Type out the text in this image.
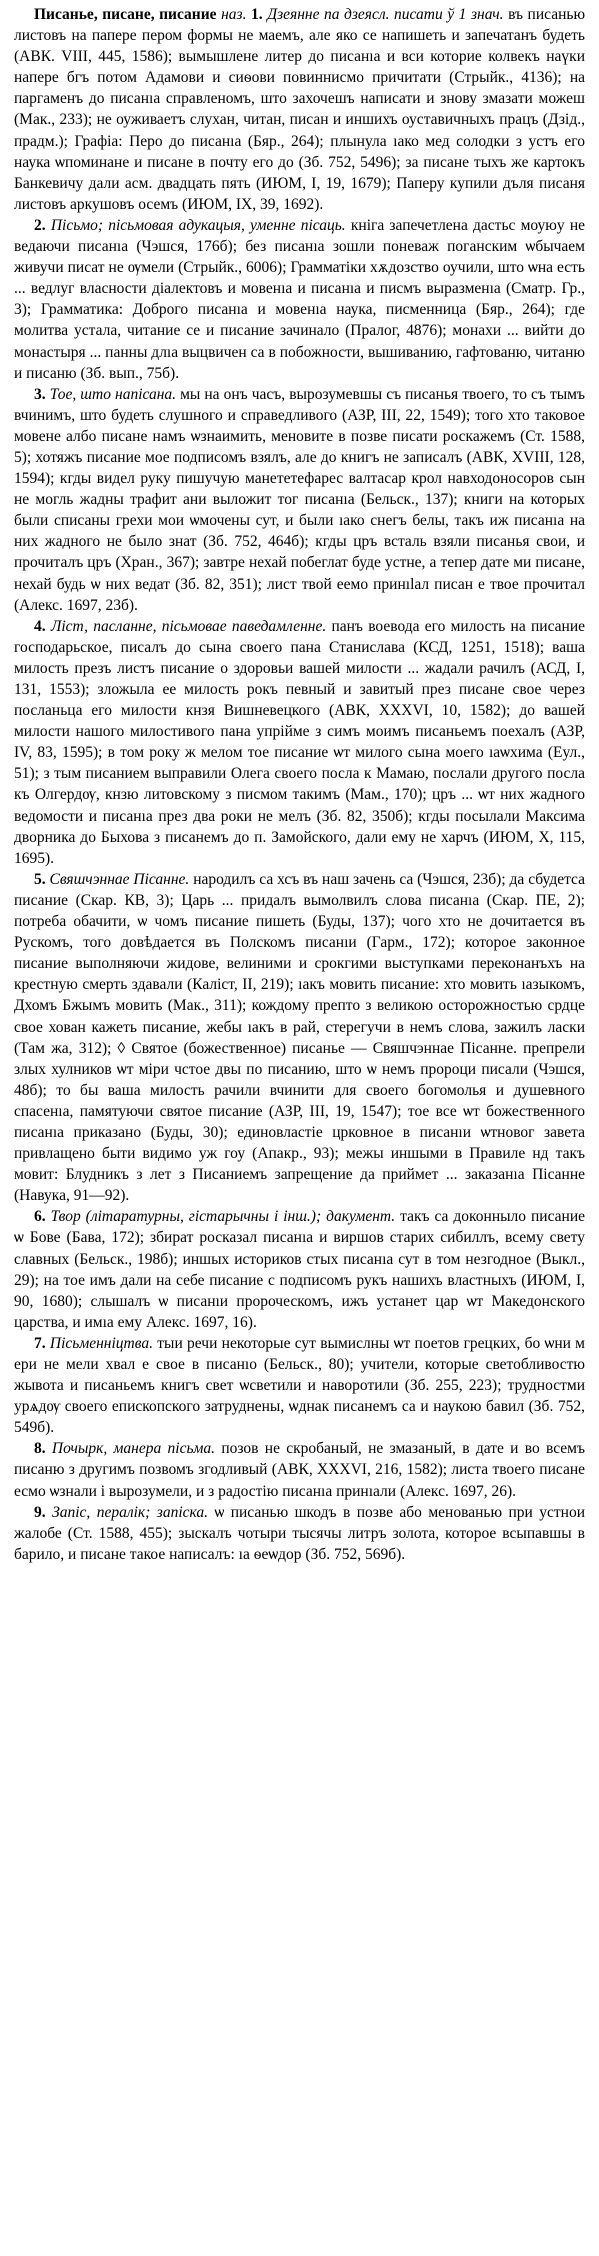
Писанье, писане, писание наз. 1. Дзеянне па дзеясл. писати ў 1 знач. въ писанью листовъ на папере пером формы не маемъ, але яко се напишеть и запечатанъ будеть (АВК. VIII, 445, 1586); вымышлене литер до писанıа и вси которие колвекъ наүки напере бгъ потом Адамови и сиѳови повиннисмо причитати (Стрыйк., 4136); на паргаменъ до писанıа справленомъ, што захочешъ написати и знову змазати можеш (Мак., 233); не оуживаетъ слухан, читан, писан и иншихъ оуставичныхъ працъ (Дзiд., прадм.); Графiа: Перо до писанıа (Бяр., 264); плынула ıако мед солодки з устъ его наука ѡпоминане и писане в почту его до (Зб. 752, 5496); за писане тыхъ же картокъ Банкевичу дали асм. двадцать пять (ИЮМ, I, 19, 1679); Паперу купили дъля писаня листовъ аркушовъ осемъ (ИЮМ, IX, 39, 1692).

2. Пiсьмо; пiсьмовая адукацыя, уменне пiсаць. кнiга запечетлена дастьс моуюу не ведаючи писанıа (Чэшся, 176б); без писанıа зошли поневаж поганским ѡбычаем живучи писат не ѹмели (Стрыйк., 6006); Грамматiки хѫдозство оучили, што ѡна есть ... ведлуг власности дiалектовъ и мовенıа и писанıа и писмъ выразменıа (Сматр. Гр., 3); Грамматика: Доброго писанıа и мовенıа наука, писменница (Бяр., 264); где молитва устала, читание се и писание зачинало (Пралог, 4876); монахи ... вийти до монастыря ... панны длıа выцвичен са в побожности, вышиванию, гафтованю, читаню и писаню (Зб. вып., 75б).

3. Тое, што напiсана. мы на онъ часъ, вырозумевшы съ писанья твоего, то съ тымъ вчинимъ, што будеть слушного и справедливого (АЗР, III, 22, 1549); того хто таковое мовене албо писане намъ ѡзнаимить, меновите в позве писати роскажемъ (Ст. 1588, 5); хотяжъ писание мое подписомъ взялъ, але до книгъ не записалъ (АВК, XVIII, 128, 1594); кгды видел руку пишучую манететефарес валтасар крол навходоносоров сын не могль жадны трафит ани выложит тог писанıа (Бельск., 137); книги на которых были списаны грехи мои ѡмочены сут, и были ıако снегъ белы, такъ иж писанıа на них жадного не было знат (Зб. 752, 464б); кгды цръ всталь взяли писанья свои, и прочиталъ цръ (Хран., 367); завтре нехай побеглат буде устне, а тепер дате ми писане, нехай будь ѡ них ведат (Зб. 82, 351); лист твой еемо принılал писан е твое прочитал (Алекс. 1697, 23б).

4. Лiст, пасланне, пiсьмовае паведамленне. панъ воевода его милость на писание господарьское, писалъ до сына своего пана Станислава (КСД, 1251, 1518); ваша милость презъ листъ писание о здоровьи вашей милости ... жадали рачилъ (АСД, I, 131, 1553); зложыла ее милость рокъ певный и завитый през писане свое через посланьца его милости кнзя Вишневецкого (АВК, XXXVI, 10, 1582); до вашей милости нашого милостивого пана упрiйме з симъ моимъ писаньемъ поехалъ (АЗР, IV, 83, 1595); в том року ж мелом тое писание ѡт милого сына моего ıаѡхима (Еул., 51); з тым писанием выправили Олега своего посла к Мамаю, послали другого посла къ Олгердѹ, кнзю литовскому з писмом такимъ (Мам., 170); цръ ... ѡт них жадного ведомости и писанıа през два роки не мелъ (Зб. 82, 350б); кгды посылали Максима дворника до Быхова з писанемъ до п. Замойского, дали ему не харчъ (ИЮМ, X, 115, 1695).

5. Свяшчэннае Пiсанне. народилъ са хсъ въ наш зачень са (Чэшся, 23б); да сбудетса писание (Скар. КВ, 3); Царь ... придалъ вымолвилъ слова писанıа (Скар. ПЕ, 2); потреба обачити, ѡ чомъ писание пишеть (Буды, 137); чого хто не дочитается въ Рускомъ, того довѣдается въ Полскомъ писанıи (Гарм., 172); которое законное писание выполняючи жидове, велиними и срокгими выступками переконанъхъ на крестную смерть здавали (Калiст, II, 219); ıакъ мовить писание: хто мовить ıазыкомъ, Дхомъ Бжымъ мовить (Мак., 311); кождому препто з великою осторожностью срдце свое хован кажеть писание, жебы ıакъ в рай, стерегучи в немъ слова, зажилъ ласки (Там жа, 312); ◊ Святое (божественное) писанье — Свяшчэннае Пiсанне. препрели злых хулников ѡт мiри чстое двы по писанию, што ѡ немъ пророци писали (Чэшся, 48б); то бы ваша милость рачили вчинити для своего богомолья и душевного спасенıа, памятуючи святое писание (АЗР, III, 19, 1547); тое все ѡт божественного писанıа приказано (Буды, 30); единовластiе црковное в писанıи ѡтновог завета привлащено быти видимо уж гоу (Апакр., 93); межы иншыми в Правиле нд такъ мовит: Блудникъ з лет з Писаниемъ запрещение да приймет ... заказанıа Пiсанне (Навука, 91—92).

6. Твор (лiтаратурны, гiстарычны i iнш.); дакумент. такъ са доконныло писание ѡ Бове (Бава, 172); збират росказал писанıа и виршов старих сибиллъ, всему свету славных (Бельск., 198б); иншых историков стых писанıа сут в том незгодное (Выкл., 29); на тое имъ дали на себе писание с подписомъ рукъ нашихъ властныхъ (ИЮМ, I, 90, 1680); слышалъ ѡ писанıи пророческомъ, ижъ устанет цар ѡт Македонского царства, и имıа ему Алекс. 1697, 16).

7. Пiсьменнiцтва. тыи речи некоторые сут вымислны ѡт поетов грецких, бо ѡни м ери не мели хвал е свое в писанıо (Бельск., 80); учители, которые светобливостю жывота и писаньемъ книгъ свет ѡсветили и наворотили (Зб. 255, 223); трудностми урѧдѹ своего епископского затруднены, ѡднак писанемъ са и наукою бавил (Зб. 752, 549б).

8. Почырк, манера пiсьма. позов не скробаный, не змазаный, в дате и во всемъ писаню з другимъ позвомъ згодливый (АВК, XXXVI, 216, 1582); листа твоего писане есмо ѡзнали i вырозумели, и з радостiю писанıа принıали (Алекс. 1697, 26).

9. Запiс, пералiк; запiска. ѡ писанью шкодъ в позве або менованью при устнои жалобе (Ст. 1588, 455); зыскалъ чотыри тысячы литръ золота, которое всыпавшы в барило, и писане такое написалъ: ıа ѳеѡдор (Зб. 752, 569б).
